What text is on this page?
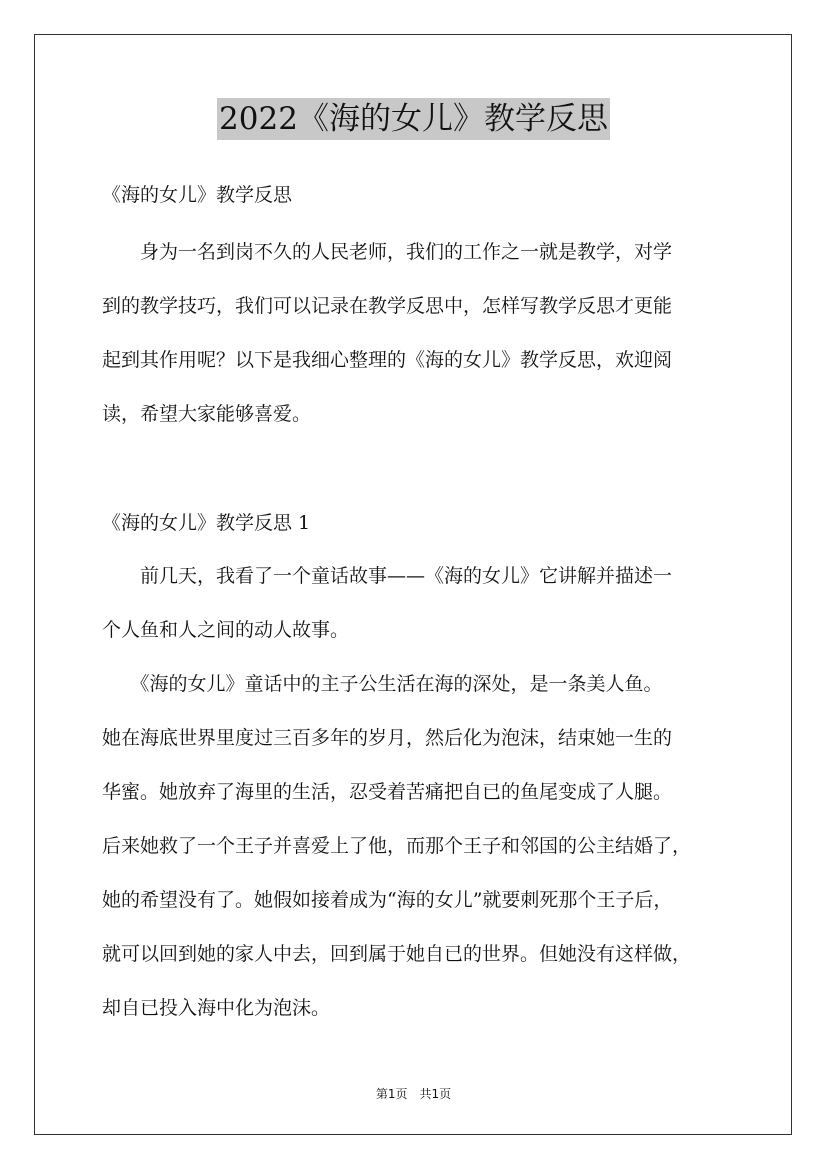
2022《海的女儿》教学反思
《海的女儿》教学反思
　　身为一名到岗不久的人民老师，我们的工作之一就是教学，对学
到的教学技巧，我们可以记录在教学反思中，怎样写教学反思才更能
起到其作用呢？以下是我细心整理的《海的女儿》教学反思，欢迎阅
读，希望大家能够喜爱。
《海的女儿》教学反思 1
　　前几天，我看了一个童话故事——《海的女儿》它讲解并描述一
个人鱼和人之间的动人故事。
　　《海的女儿》童话中的主子公生活在海的深处，是一条美人鱼。
她在海底世界里度过三百多年的岁月，然后化为泡沫，结束她一生的
华蜜。她放弃了海里的生活，忍受着苦痛把自已的鱼尾变成了人腿。
后来她救了一个王子并喜爱上了他，而那个王子和邻国的公主结婚了，
她的希望没有了。她假如接着成为“海的女儿”就要刺死那个王子后，
就可以回到她的家人中去，回到属于她自已的世界。但她没有这样做，
却自已投入海中化为泡沫。
第1页　共1页
